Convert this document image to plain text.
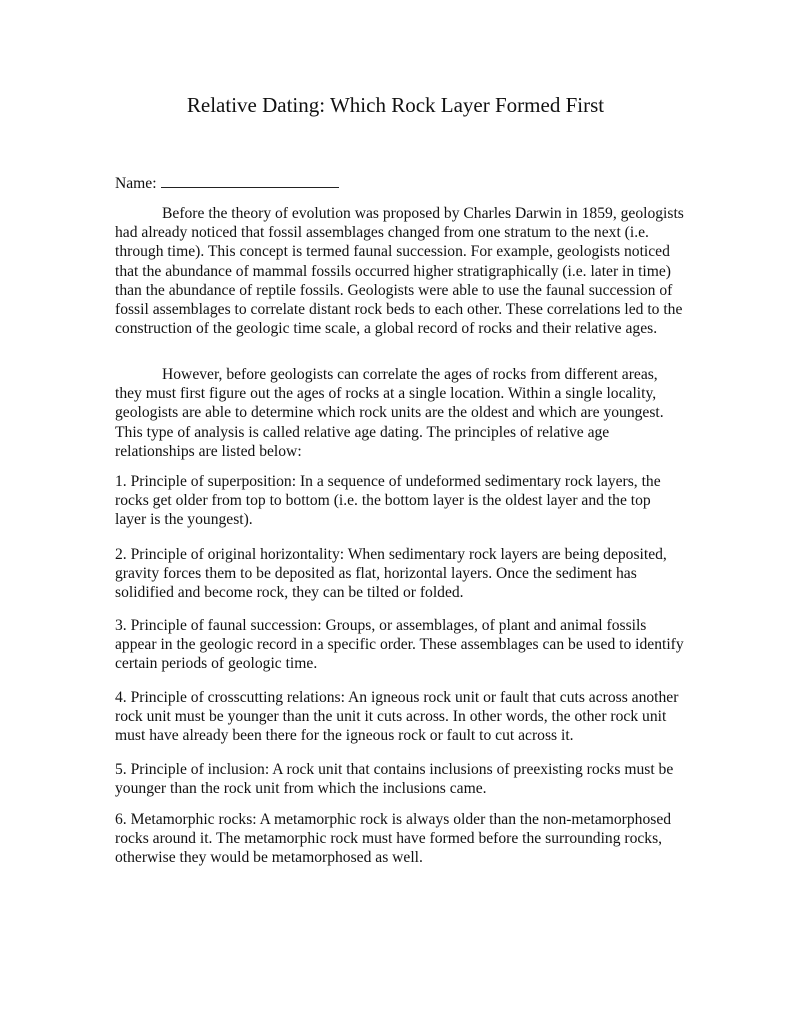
Relative Dating: Which Rock Layer Formed First
Name:

Before the theory of evolution was proposed by Charles Darwin in 1859, geologists had already noticed that fossil assemblages changed from one stratum to the next (i.e. through time). This concept is termed faunal succession. For example, geologists noticed that the abundance of mammal fossils occurred higher stratigraphically (i.e. later in time) than the abundance of reptile fossils. Geologists were able to use the faunal succession of fossil assemblages to correlate distant rock beds to each other. These correlations led to the construction of the geologic time scale, a global record of rocks and their relative ages.

However, before geologists can correlate the ages of rocks from different areas, they must first figure out the ages of rocks at a single location. Within a single locality, geologists are able to determine which rock units are the oldest and which are youngest. This type of analysis is called relative age dating. The principles of relative age relationships are listed below:

1. Principle of superposition: In a sequence of undeformed sedimentary rock layers, the rocks get older from top to bottom (i.e. the bottom layer is the oldest layer and the top layer is the youngest).

2. Principle of original horizontality: When sedimentary rock layers are being deposited, gravity forces them to be deposited as flat, horizontal layers. Once the sediment has solidified and become rock, they can be tilted or folded.

3. Principle of faunal succession: Groups, or assemblages, of plant and animal fossils appear in the geologic record in a specific order. These assemblages can be used to identify certain periods of geologic time.

4. Principle of crosscutting relations: An igneous rock unit or fault that cuts across another rock unit must be younger than the unit it cuts across. In other words, the other rock unit must have already been there for the igneous rock or fault to cut across it.

5. Principle of inclusion: A rock unit that contains inclusions of preexisting rocks must be younger than the rock unit from which the inclusions came.

6. Metamorphic rocks: A metamorphic rock is always older than the non-metamorphosed rocks around it. The metamorphic rock must have formed before the surrounding rocks, otherwise they would be metamorphosed as well.
